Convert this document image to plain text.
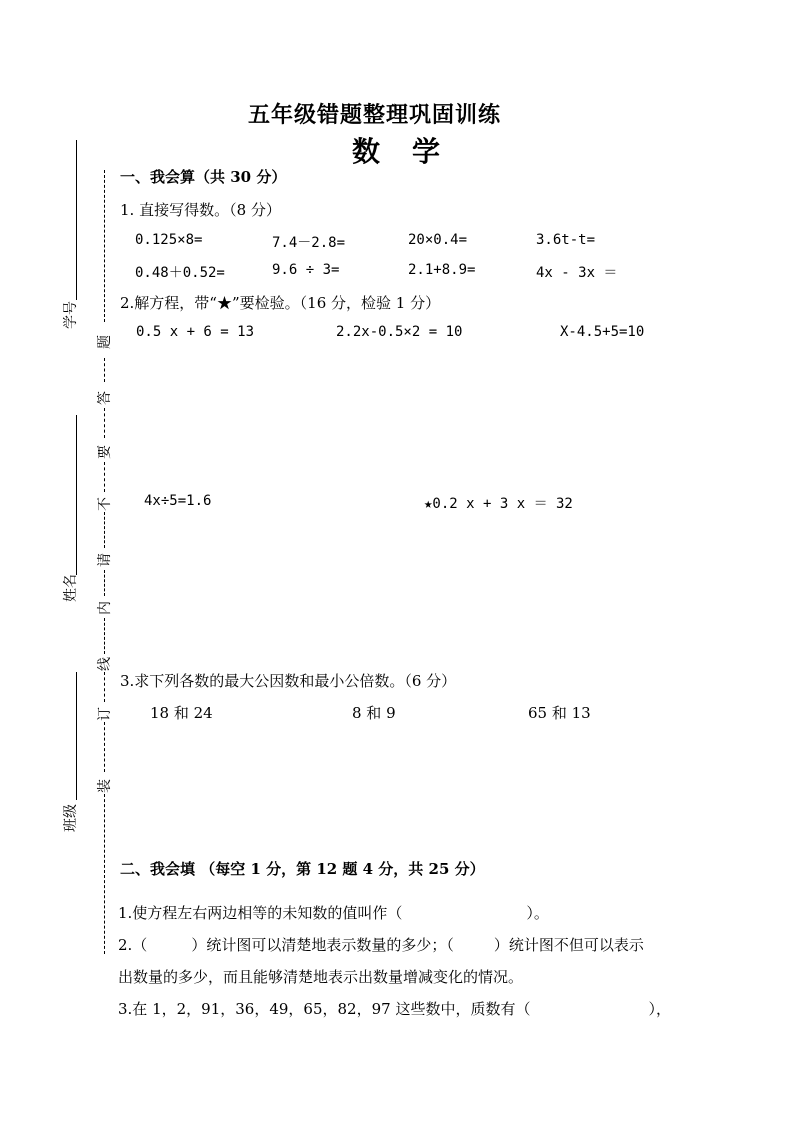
五年级错题整理巩固训练
数　学
学号
姓名
班级
题
答
要
不
请
内
线
订
装
一、我会算（共 30 分）
1. 直接写得数。（8 分）
0.125×8=	7.4－2.8=	20×0.4=	3.6t-t=
0.48＋0.52=	9.6 ÷ 3=	2.1+8.9=	4x - 3x ＝
2.解方程，带“★”要检验。（16 分，检验 1 分）
0.5 x + 6 = 13	2.2x-0.5×2 = 10	X-4.5+5=10
4x÷5=1.6	★0.2 x + 3 x ＝ 32
3.求下列各数的最大公因数和最小公倍数。（6 分）
18 和 24	8 和 9	65 和 13
二、我会填 （每空 1 分，第 12 题 4 分，共 25 分）
1.使方程左右两边相等的未知数的值叫作（	）。
2.（	）统计图可以清楚地表示数量的多少；（	）统计图不但可以表示
出数量的多少，而且能够清楚地表示出数量增减变化的情况。
3.在 1，2，91，36，49，65，82，97 这些数中，质数有（	），
